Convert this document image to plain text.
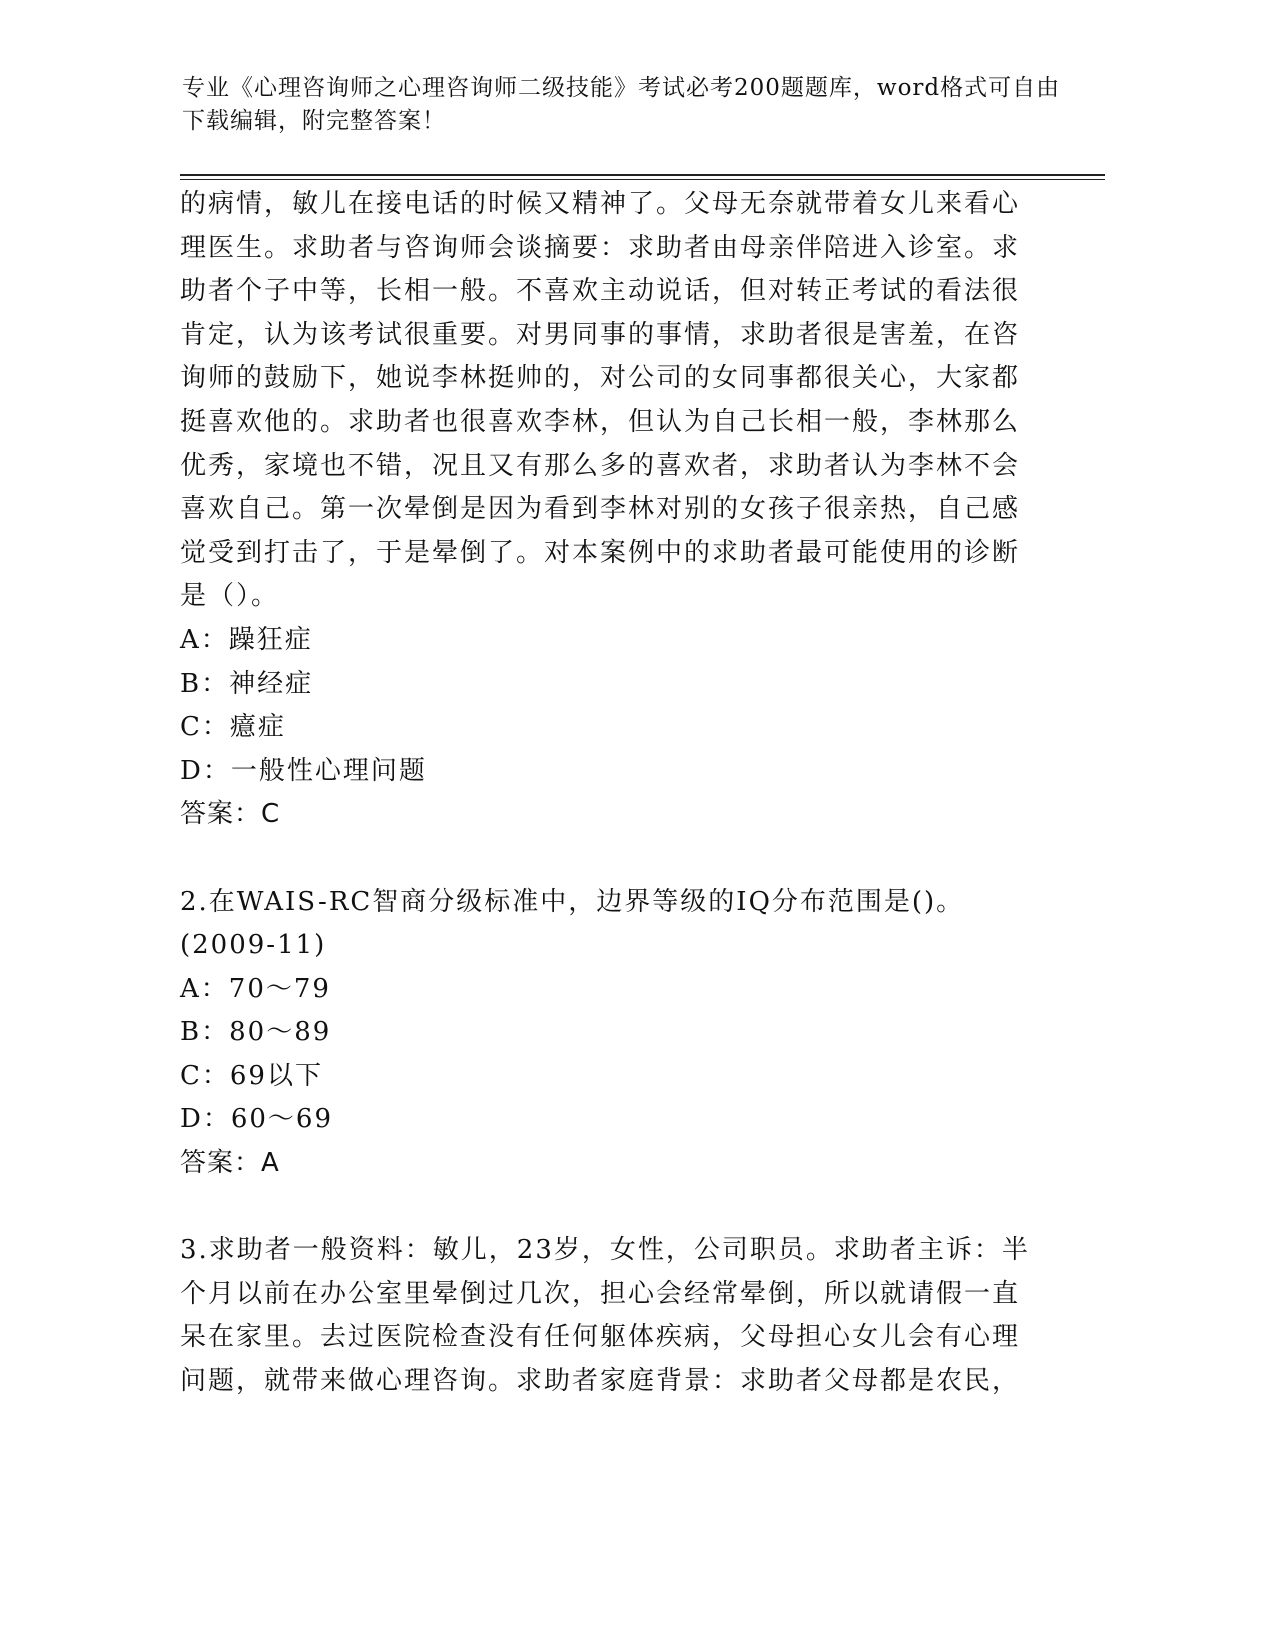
专业《心理咨询师之心理咨询师二级技能》考试必考200题题库，word格式可自由下载编辑，附完整答案！

的病情，敏儿在接电话的时候又精神了。父母无奈就带着女儿来看心理医生。求助者与咨询师会谈摘要：求助者由母亲伴陪进入诊室。求助者个子中等，长相一般。不喜欢主动说话，但对转正考试的看法很肯定，认为该考试很重要。对男同事的事情，求助者很是害羞，在咨询师的鼓励下，她说李林挺帅的，对公司的女同事都很关心，大家都挺喜欢他的。求助者也很喜欢李林，但认为自己长相一般，李林那么优秀，家境也不错，况且又有那么多的喜欢者，求助者认为李林不会喜欢自己。第一次晕倒是因为看到李林对别的女孩子很亲热，自己感觉受到打击了，于是晕倒了。对本案例中的求助者最可能使用的诊断是（）。

A：躁狂症

B：神经症

C：癔症

D：一般性心理问题

答案：C

2.在WAIS-RC智商分级标准中，边界等级的IQ分布范围是()。(2009-11)

A：70～79

B：80～89

C：69以下

D：60～69

答案：A

3.求助者一般资料：敏儿，23岁，女性，公司职员。求助者主诉：半个月以前在办公室里晕倒过几次，担心会经常晕倒，所以就请假一直呆在家里。去过医院检查没有任何躯体疾病，父母担心女儿会有心理问题，就带来做心理咨询。求助者家庭背景：求助者父母都是农民，
